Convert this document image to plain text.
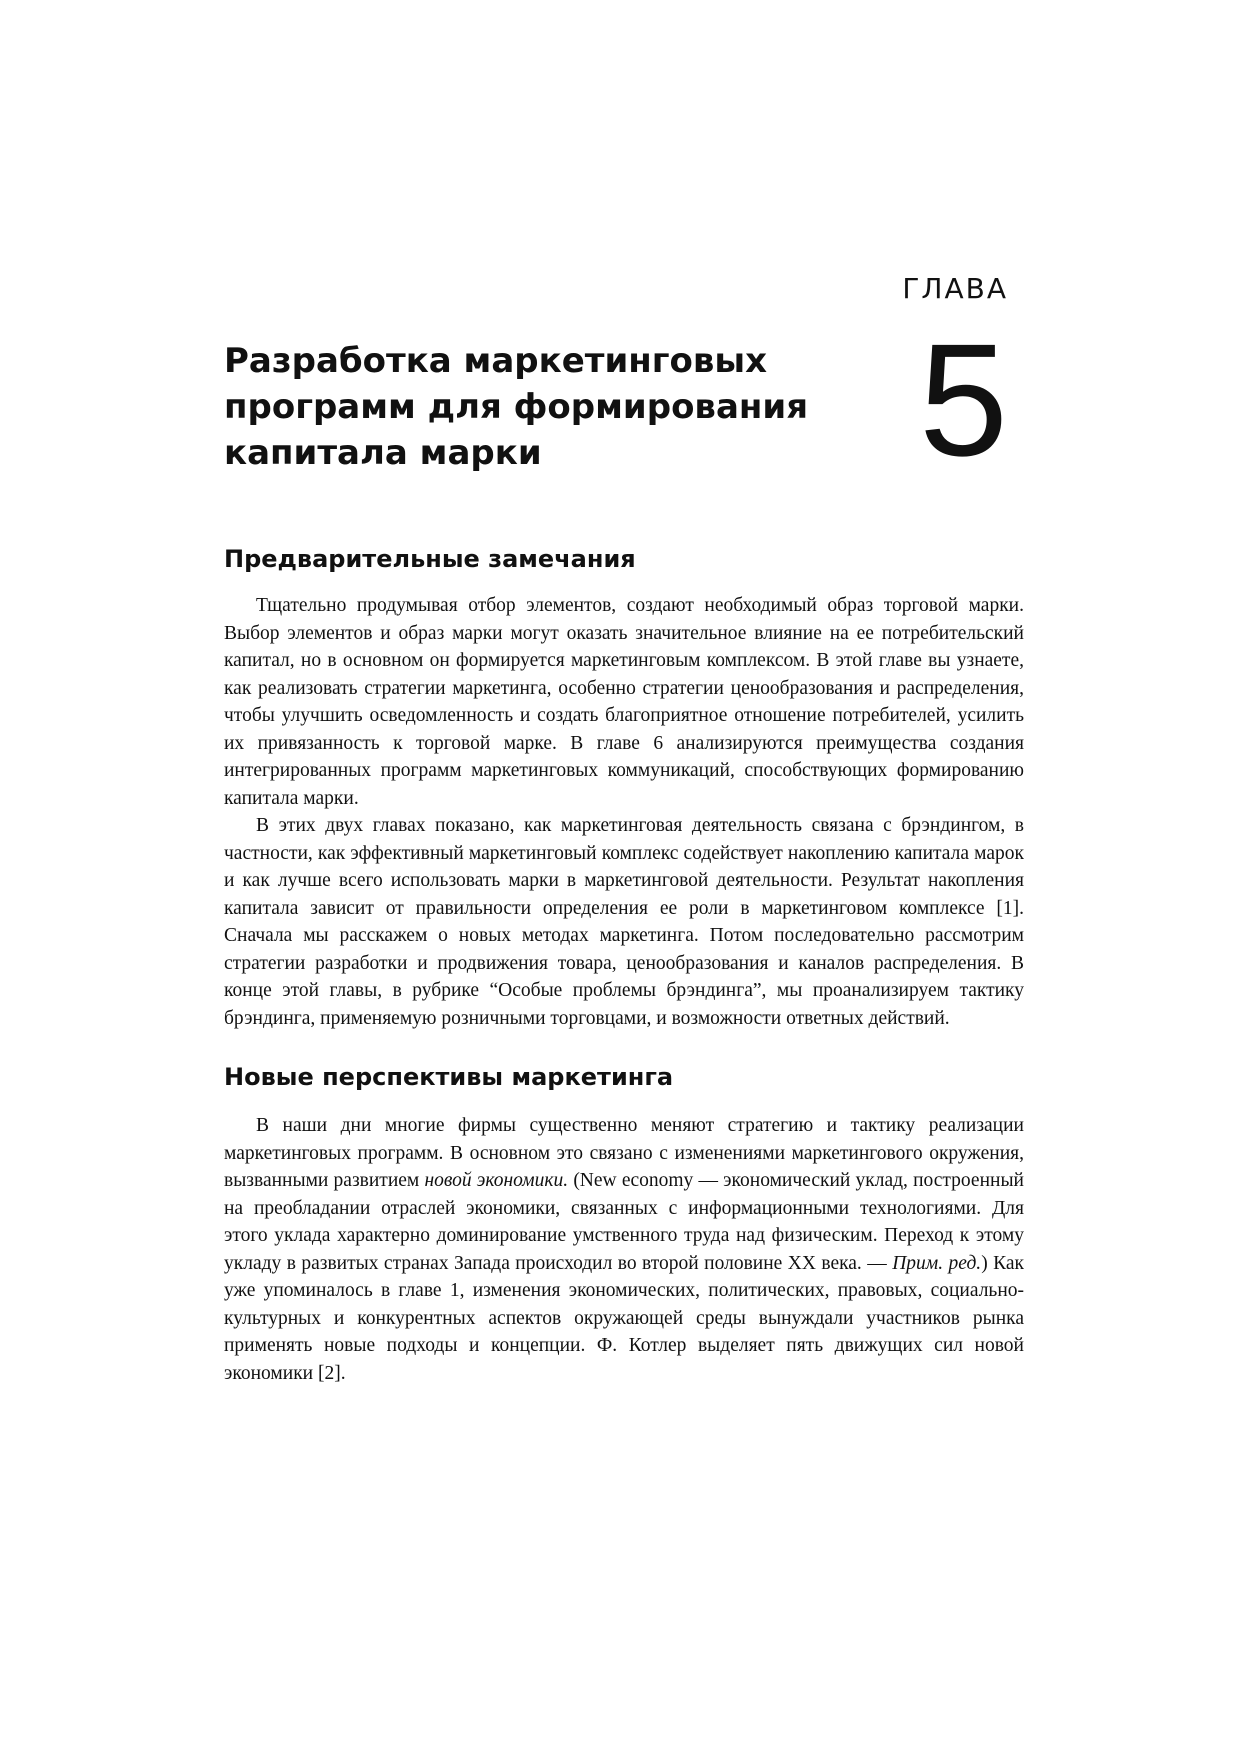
ГЛАВА
5
Разработка маркетинговых
программ для формирования
капитала марки
Предварительные замечания

Тщательно продумывая отбор элементов, создают необходимый образ торговой марки. Выбор элементов и образ марки могут оказать значительное влияние на ее потребительский капитал, но в основном он формируется маркетинговым комплексом. В этой главе вы узнаете, как реализовать стратегии маркетинга, особенно стратегии ценообразования и распределения, чтобы улучшить осведомленность и создать благоприятное отношение потребителей, усилить их привязанность к торговой марке. В главе 6 анализируются преимущества создания интегрированных программ маркетинговых коммуникаций, способствующих формированию капитала марки.

В этих двух главах показано, как маркетинговая деятельность связана с брэндингом, в частности, как эффективный маркетинговый комплекс содействует накоплению капитала марок и как лучше всего использовать марки в маркетинговой деятельности. Результат накопления капитала зависит от правильности определения ее роли в маркетинговом комплексе [1]. Сначала мы расскажем о новых методах маркетинга. Потом последовательно рассмотрим стратегии разработки и продвижения товара, ценообразования и каналов распределения. В конце этой главы, в рубрике “Особые проблемы брэндинга”, мы проанализируем тактику брэндинга, применяемую розничными торговцами, и возможности ответных действий.

Новые перспективы маркетинга

В наши дни многие фирмы существенно меняют стратегию и тактику реализации маркетинговых программ. В основном это связано с изменениями маркетингового окружения, вызванными развитием новой экономики. (New economy — экономический уклад, построенный на преобладании отраслей экономики, связанных с информационными технологиями. Для этого уклада характерно доминирование умственного труда над физическим. Переход к этому укладу в развитых странах Запада происходил во второй половине XX века. — Прим. ред.) Как уже упоминалось в главе 1, изменения экономических, политических, правовых, социально-культурных и конкурентных аспектов окружающей среды вынуждали участников рынка применять новые подходы и концепции. Ф. Котлер выделяет пять движущих сил новой экономики [2].
